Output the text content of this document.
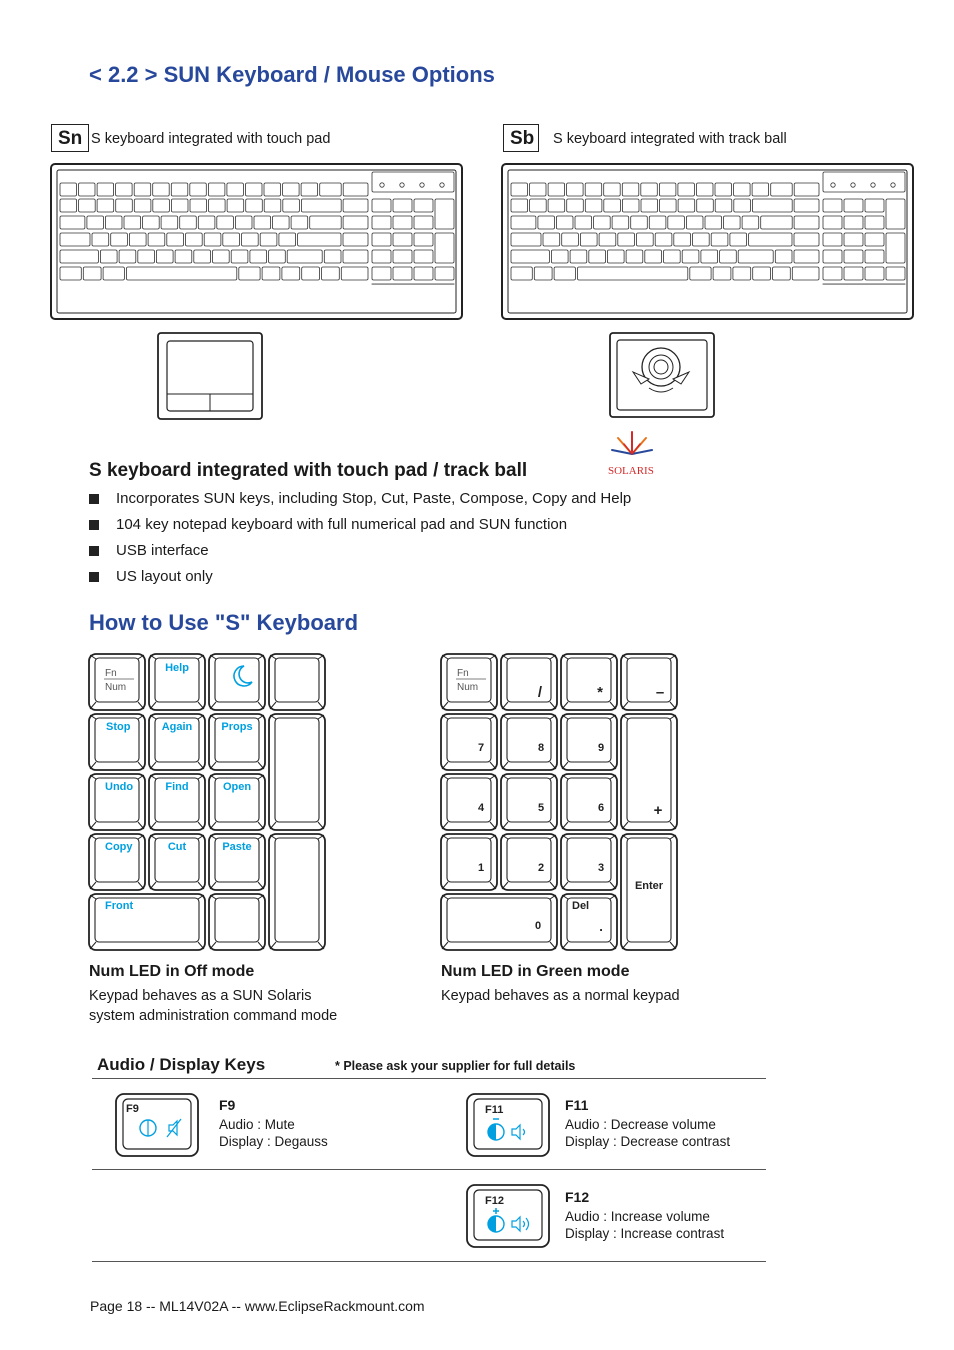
< 2.2 > SUN Keyboard / Mouse Options
Sn S keyboard integrated with touch pad	Sb	S keyboard integrated with track ball
S keyboard integrated with touch pad / track ball	SOLARIS
Incorporates SUN keys, including Stop, Cut, Paste, Compose, Copy and Help
104 key notepad keyboard with full numerical pad and SUN function
USB interface
US layout only
How to Use "S" Keyboard
Fn
Num
Help
Stop	Again	Props
Undo	Find	Open
Copy	Cut	Paste
Front
Fn
Num	/	*	–
7	8	9
+
4	5	6
1	2	3
Enter
0
Del
.
Num LED in Off mode
Keypad behaves as a SUN Solaris
system administration command mode
Num LED in Green mode
Keypad behaves as a normal keypad
Audio / Display Keys	* Please ask your supplier for full details
F9	F9
Audio : Mute
Display : Degauss
F11	F11
Audio : Decrease volume
Display : Decrease contrast
F12	F12
Audio : Increase volume
Display : Increase contrast
Page 18 -- ML14V02A -- www.EclipseRackmount.com
